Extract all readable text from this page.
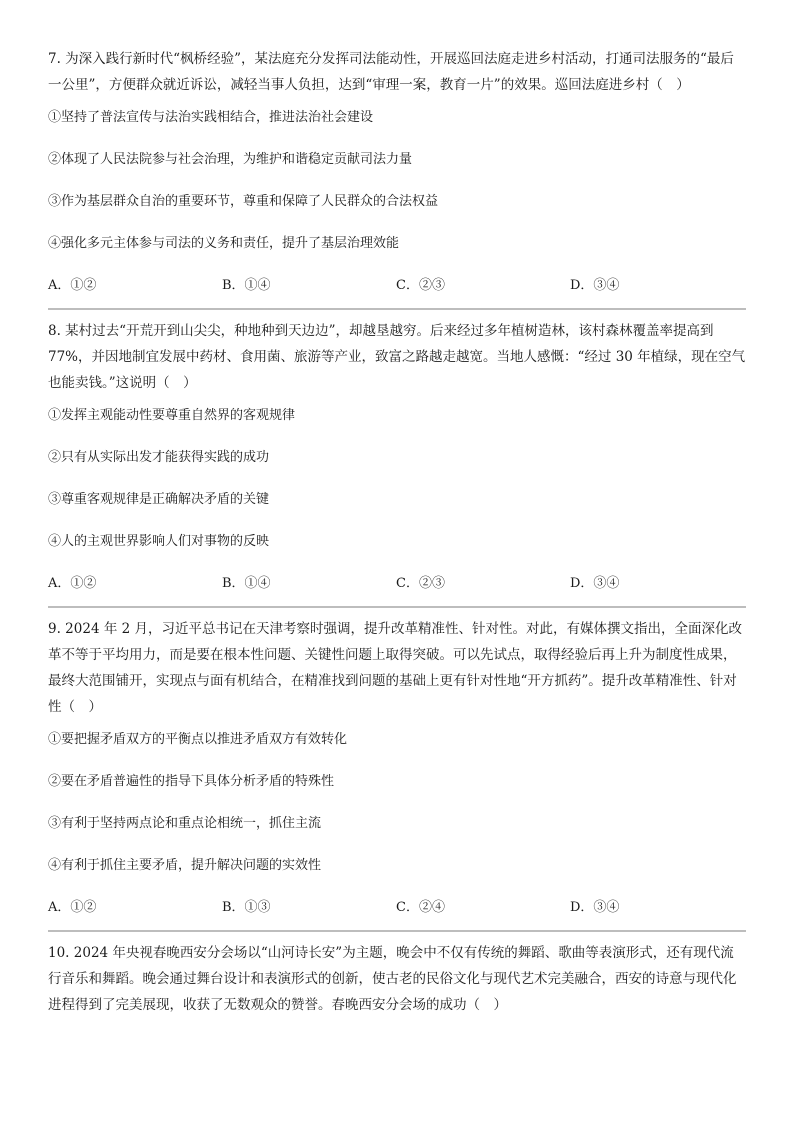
7. 为深入践行新时代“枫桥经验”，某法庭充分发挥司法能动性，开展巡回法庭走进乡村活动，打通司法服务的“最后一公里”，方便群众就近诉讼，减轻当事人负担，达到“审理一案，教育一片”的效果。巡回法庭进乡村（　）

①坚持了普法宣传与法治实践相结合，推进法治社会建设

②体现了人民法院参与社会治理，为维护和谐稳定贡献司法力量

③作为基层群众自治的重要环节，尊重和保障了人民群众的合法权益

④强化多元主体参与司法的义务和责任，提升了基层治理效能

A．①②	B．①④	C．②③	D．③④

8. 某村过去“开荒开到山尖尖，种地种到天边边”，却越垦越穷。后来经过多年植树造林，该村森林覆盖率提高到 77%，并因地制宜发展中药材、食用菌、旅游等产业，致富之路越走越宽。当地人感慨：“经过 30 年植绿，现在空气也能卖钱。”这说明（　）

①发挥主观能动性要尊重自然界的客观规律

②只有从实际出发才能获得实践的成功

③尊重客观规律是正确解决矛盾的关键

④人的主观世界影响人们对事物的反映

A．①②	B．①④	C．②③	D．③④

9. 2024 年 2 月，习近平总书记在天津考察时强调，提升改革精准性、针对性。对此，有媒体撰文指出，全面深化改革不等于平均用力，而是要在根本性问题、关键性问题上取得突破。可以先试点，取得经验后再上升为制度性成果，最终大范围铺开，实现点与面有机结合，在精准找到问题的基础上更有针对性地“开方抓药”。提升改革精准性、针对性（　）

①要把握矛盾双方的平衡点以推进矛盾双方有效转化

②要在矛盾普遍性的指导下具体分析矛盾的特殊性

③有利于坚持两点论和重点论相统一，抓住主流

④有利于抓住主要矛盾，提升解决问题的实效性

A．①②	B．①③	C．②④	D．③④

10. 2024 年央视春晚西安分会场以“山河诗长安”为主题，晚会中不仅有传统的舞蹈、歌曲等表演形式，还有现代流行音乐和舞蹈。晚会通过舞台设计和表演形式的创新，使古老的民俗文化与现代艺术完美融合，西安的诗意与现代化进程得到了完美展现，收获了无数观众的赞誉。春晚西安分会场的成功（　）
